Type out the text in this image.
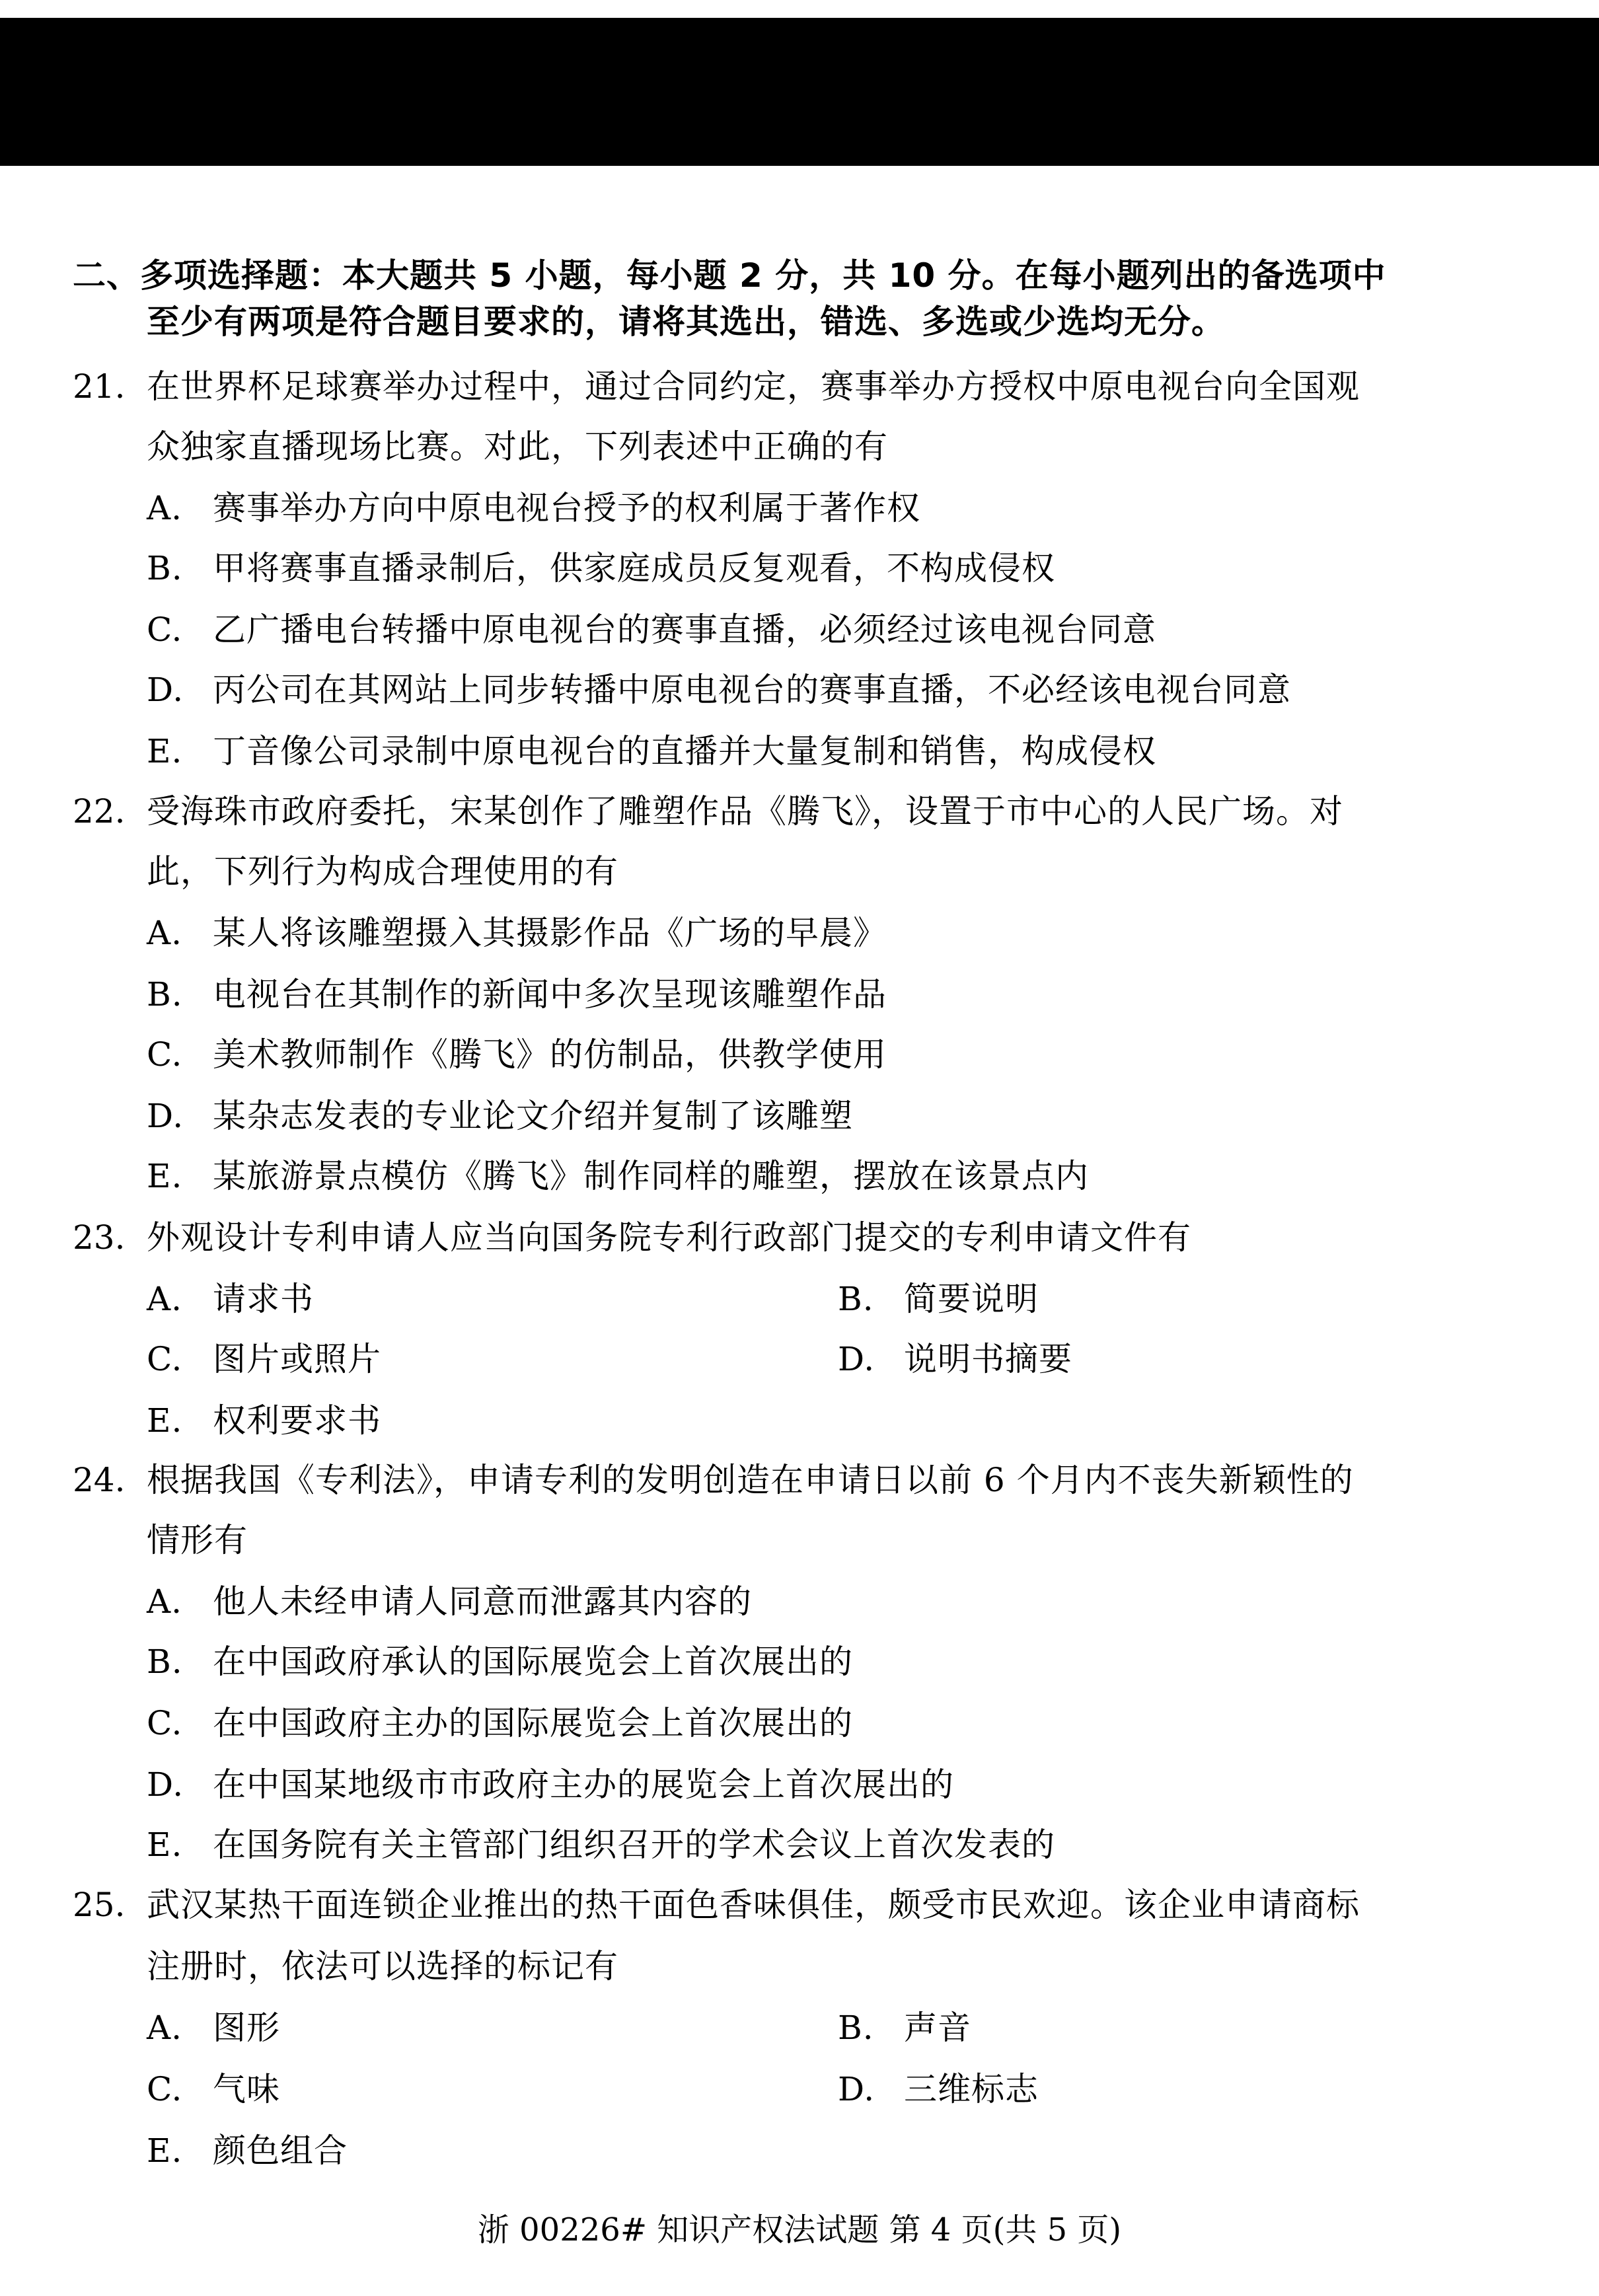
二、多项选择题：本大题共 5 小题，每小题 2 分，共 10 分。在每小题列出的备选项中
至少有两项是符合题目要求的，请将其选出，错选、多选或少选均无分。
21. 在世界杯足球赛举办过程中，通过合同约定，赛事举办方授权中原电视台向全国观
众独家直播现场比赛。对此，下列表述中正确的有
A. 赛事举办方向中原电视台授予的权利属于著作权
B. 甲将赛事直播录制后，供家庭成员反复观看，不构成侵权
C. 乙广播电台转播中原电视台的赛事直播，必须经过该电视台同意
D. 丙公司在其网站上同步转播中原电视台的赛事直播，不必经该电视台同意
E. 丁音像公司录制中原电视台的直播并大量复制和销售，构成侵权
22. 受海珠市政府委托，宋某创作了雕塑作品《腾飞》，设置于市中心的人民广场。对
此，下列行为构成合理使用的有
A. 某人将该雕塑摄入其摄影作品《广场的早晨》
B. 电视台在其制作的新闻中多次呈现该雕塑作品
C. 美术教师制作《腾飞》的仿制品，供教学使用
D. 某杂志发表的专业论文介绍并复制了该雕塑
E. 某旅游景点模仿《腾飞》制作同样的雕塑，摆放在该景点内
23. 外观设计专利申请人应当向国务院专利行政部门提交的专利申请文件有
A. 请求书	B. 简要说明
C. 图片或照片	D. 说明书摘要
E. 权利要求书
24. 根据我国《专利法》，申请专利的发明创造在申请日以前 6 个月内不丧失新颖性的
情形有
A. 他人未经申请人同意而泄露其内容的
B. 在中国政府承认的国际展览会上首次展出的
C. 在中国政府主办的国际展览会上首次展出的
D. 在中国某地级市市政府主办的展览会上首次展出的
E. 在国务院有关主管部门组织召开的学术会议上首次发表的
25. 武汉某热干面连锁企业推出的热干面色香味俱佳，颇受市民欢迎。该企业申请商标
注册时，依法可以选择的标记有
A. 图形	B. 声音
C. 气味	D. 三维标志
E. 颜色组合
浙 00226# 知识产权法试题 第 4 页(共 5 页)
